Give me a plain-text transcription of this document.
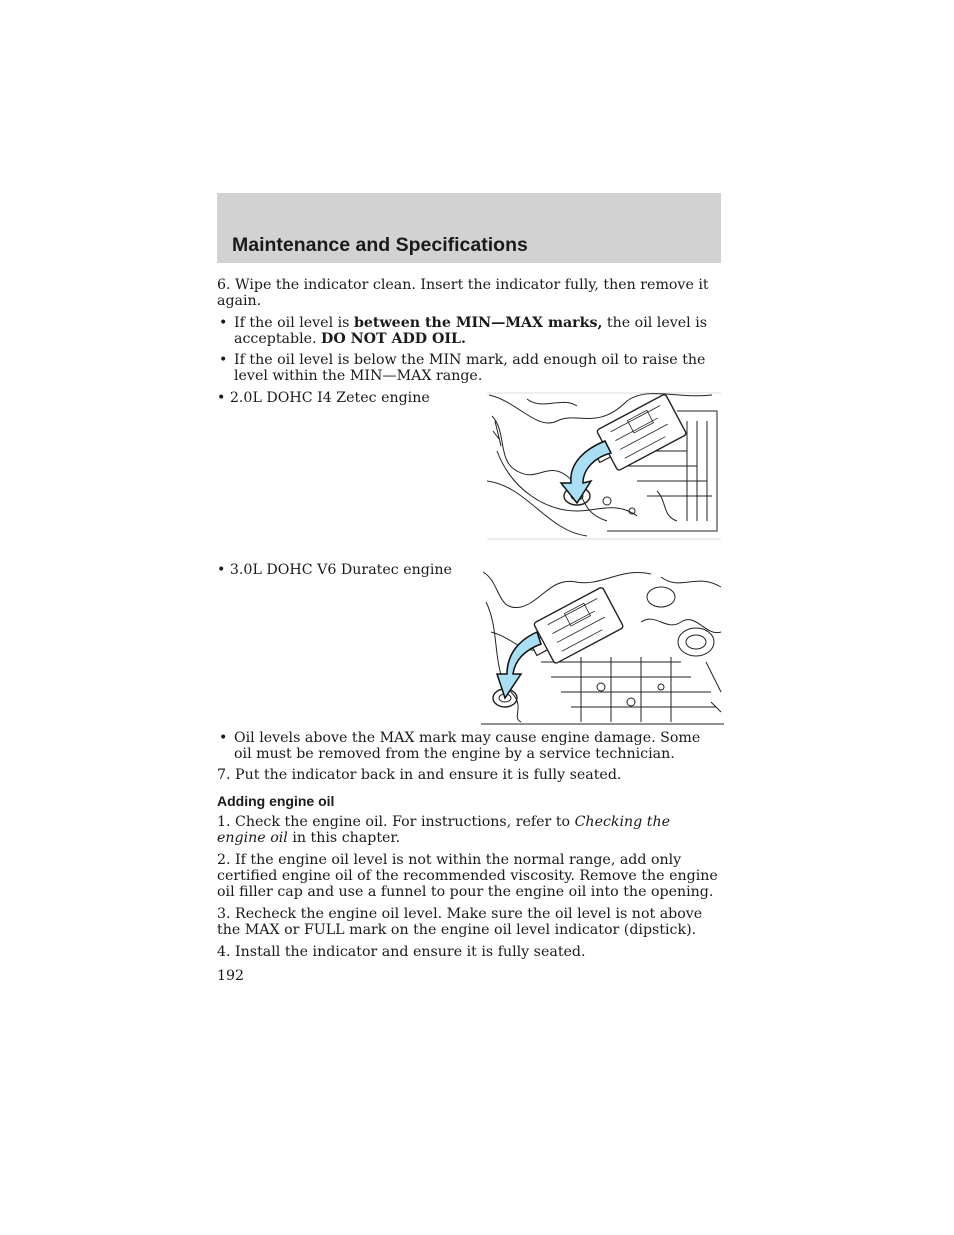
Maintenance and Specifications

6. Wipe the indicator clean. Insert the indicator fully, then remove it again.

• If the oil level is between the MIN—MAX marks, the oil level is acceptable. DO NOT ADD OIL.
• If the oil level is below the MIN mark, add enough oil to raise the level within the MIN—MAX range.
• 2.0L DOHC I4 Zetec engine
• 3.0L DOHC V6 Duratec engine
• Oil levels above the MAX mark may cause engine damage. Some oil must be removed from the engine by a service technician.

7. Put the indicator back in and ensure it is fully seated.

Adding engine oil

1. Check the engine oil. For instructions, refer to Checking the engine oil in this chapter.

2. If the engine oil level is not within the normal range, add only certified engine oil of the recommended viscosity. Remove the engine oil filler cap and use a funnel to pour the engine oil into the opening.

3. Recheck the engine oil level. Make sure the oil level is not above the MAX or FULL mark on the engine oil level indicator (dipstick).

4. Install the indicator and ensure it is fully seated.

192
